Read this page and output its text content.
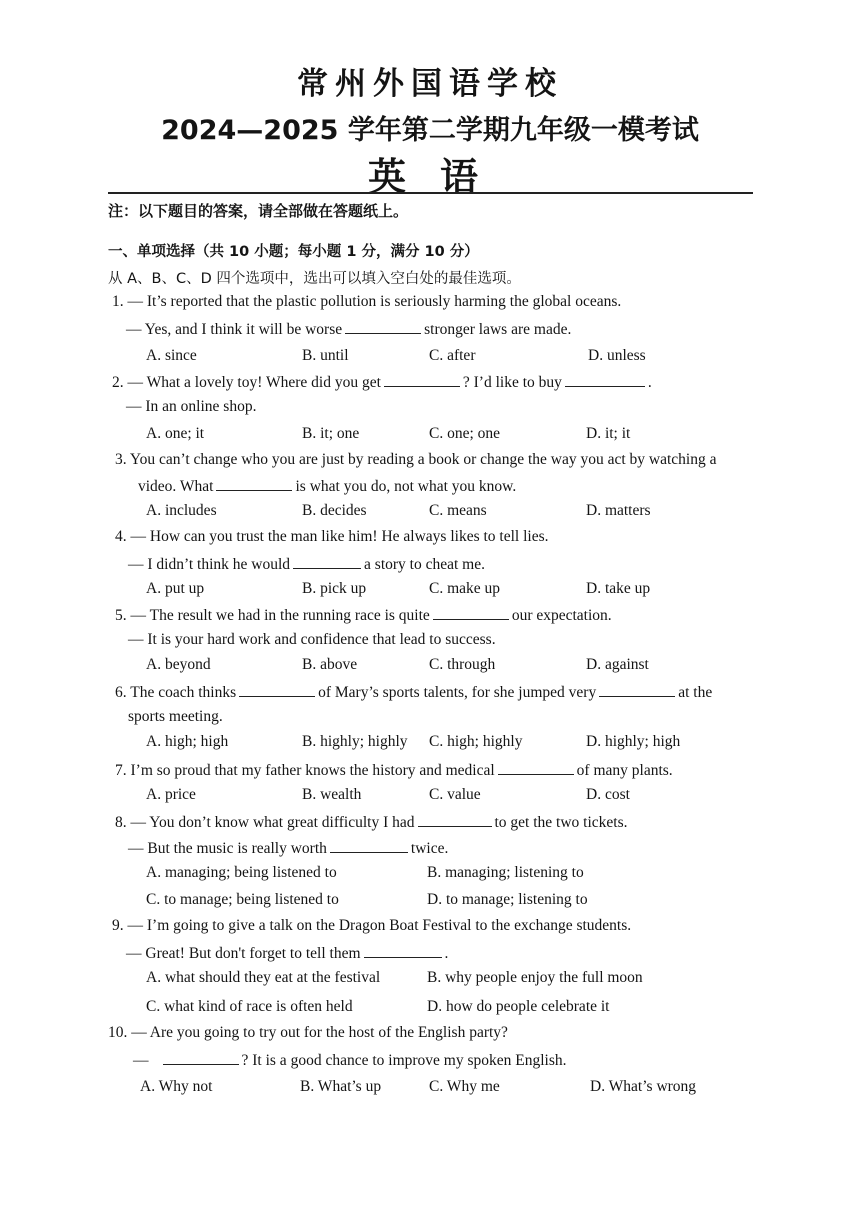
常州外国语学校
2024—2025 学年第二学期九年级一模考试
英语
注：以下题目的答案，请全部做在答题纸上。
一、单项选择（共 10 小题；每小题 1 分，满分 10 分）
从 A、B、C、D 四个选项中，选出可以填入空白处的最佳选项。
1. — It’s reported that the plastic pollution is seriously harming the global oceans.
— Yes, and I think it will be worse	stronger laws are made.
A. since	B. until	C. after	D. unless
2. — What a lovely toy! Where did you get	? I’d like to buy	.
— In an online shop.
A. one; it	B. it; one	C. one; one	D. it; it
3. You can’t change who you are just by reading a book or change the way you act by watching a
video. What	is what you do, not what you know.
A. includes	B. decides	C. means	D. matters
4. — How can you trust the man like him! He always likes to tell lies.
— I didn’t think he would	a story to cheat me.
A. put up	B. pick up	C. make up	D. take up
5. — The result we had in the running race is quite	our expectation.
— It is your hard work and confidence that lead to success.
A. beyond	B. above	C. through	D. against
6. The coach thinks	of Mary’s sports talents, for she jumped very	at the
sports meeting.
A. high; high	B. highly; highly C. high; highly	D. highly; high
7. I’m so proud that my father knows the history and medical	of many plants.
A. price	B. wealth	C. value	D. cost
8. — You don’t know what great difficulty I had	to get the two tickets.
— But the music is really worth	twice.
A. managing; being listened to	B. managing; listening to
C. to manage; being listened to	D. to manage; listening to
9. — I’m going to give a talk on the Dragon Boat Festival to the exchange students.
— Great! But don't forget to tell them	.
A. what should they eat at the festival	B. why people enjoy the full moon
C. what kind of race is often held	D. how do people celebrate it
10. — Are you going to try out for the host of the English party?
—	? It is a good chance to improve my spoken English.
A. Why not	B. What’s up	C. Why me	D. What’s wrong
